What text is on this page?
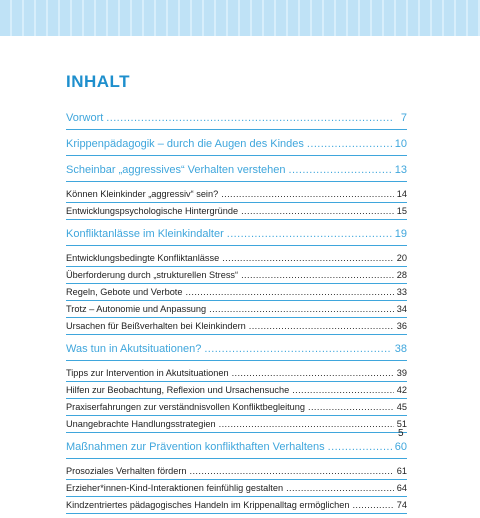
INHALT
Vorwort .....	7
Krippenpädagogik – durch die Augen des Kindes .....	10
Scheinbar „aggressives“ Verhalten verstehen .....	13
Können Kleinkinder „aggressiv“ sein? .....	14
Entwicklungspsychologische Hintergründe .....	15
Konfliktanlässe im Kleinkindalter .....	19
Entwicklungsbedingte Konfliktanlässe .....	20
Überforderung durch „strukturellen Stress“ .....	28
Regeln, Gebote und Verbote .....	33
Trotz – Autonomie und Anpassung .....	34
Ursachen für Beißverhalten bei Kleinkindern .....	36
Was tun in Akutsituationen? .....	38
Tipps zur Intervention in Akutsituationen .....	39
Hilfen zur Beobachtung, Reflexion und Ursachensuche .....	42
Praxiserfahrungen zur verständnisvollen Konfliktbegleitung .....	45
Unangebrachte Handlungsstrategien .....	51
Maßnahmen zur Prävention konflikthaften Verhaltens .....	60
Prosoziales Verhalten fördern .....	61
Erzieher*innen-Kind-Interaktionen feinfühlig gestalten .....	64
Kindzentriertes pädagogisches Handeln im Krippenalltag ermöglichen .....	74
5
